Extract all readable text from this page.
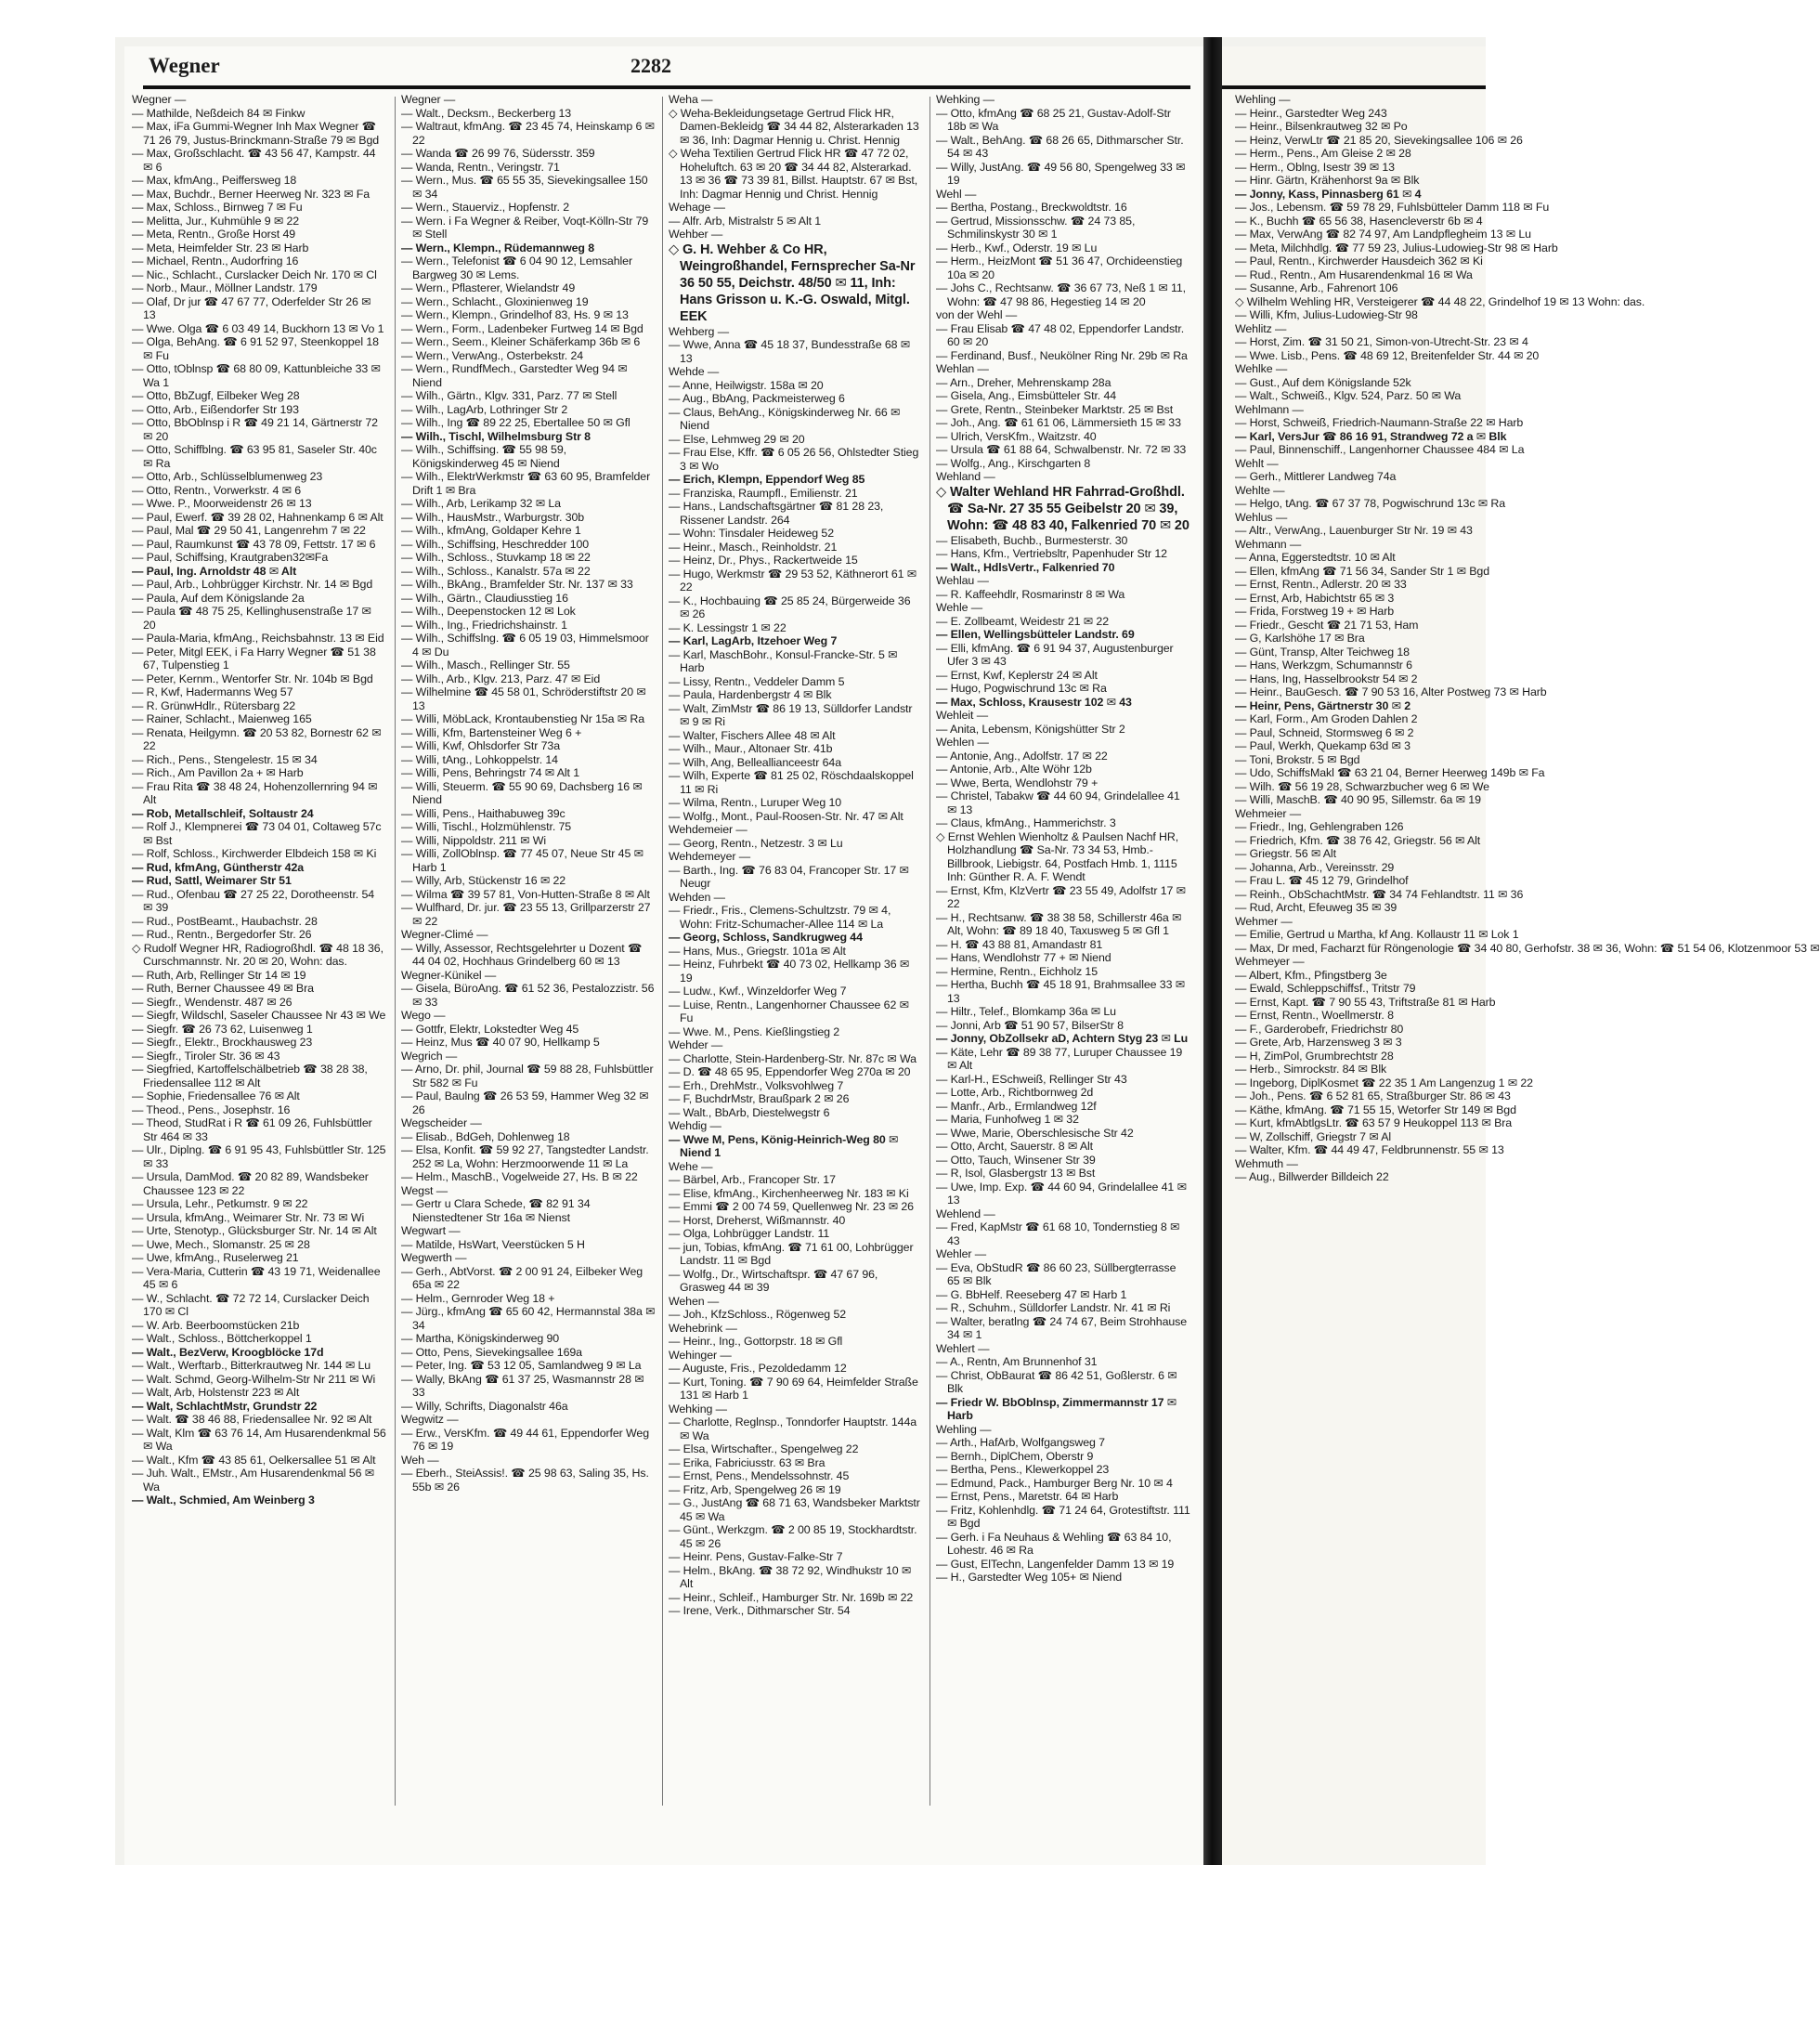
Wegner	2282

Wegner —

— Mathilde, Neßdeich 84 ✉ Finkw

— Max, iFa Gummi-Wegner Inh Max Wegner ☎ 71 26 79, Justus-Brinckmann-Straße 79 ✉ Bgd

— Max, Großschlacht. ☎ 43 56 47, Kampstr. 44 ✉ 6

— Max, kfmAng., Peiffersweg 18

— Max, Buchdr., Berner Heerweg Nr. 323 ✉ Fa

— Max, Schloss., Birnweg 7 ✉ Fu

— Melitta, Jur., Kuhmühle 9 ✉ 22

— Meta, Rentn., Große Horst 49

— Meta, Heimfelder Str. 23 ✉ Harb

— Michael, Rentn., Audorfring 16

— Nic., Schlacht., Curslacker Deich Nr. 170 ✉ Cl

— Norb., Maur., Möllner Landstr. 179

— Olaf, Dr jur ☎ 47 67 77, Oderfelder Str 26 ✉ 13

— Wwe. Olga ☎ 6 03 49 14, Buckhorn 13 ✉ Vo 1

— Olga, BehAng. ☎ 6 91 52 97, Steenkoppel 18 ✉ Fu

— Otto, tOblnsp ☎ 68 80 09, Kattunbleiche 33 ✉ Wa 1

— Otto, BbZugf, Eilbeker Weg 28

— Otto, Arb., Eißendorfer Str 193

— Otto, BbOblnsp i R ☎ 49 21 14, Gärtnerstr 72 ✉ 20

— Otto, Schiffblng. ☎ 63 95 81, Saseler Str. 40c ✉ Ra

— Otto, Arb., Schlüsselblumenweg 23

— Otto, Rentn., Vorwerkstr. 4 ✉ 6

— Wwe. P., Moorweidenstr 26 ✉ 13

— Paul, Ewerf. ☎ 39 28 02, Hahnenkamp 6 ✉ Alt

— Paul, Mal ☎ 29 50 41, Langenrehm 7 ✉ 22

— Paul, Raumkunst ☎ 43 78 09, Fettstr. 17 ✉ 6

— Paul, Schiffsing, Krautgraben32✉Fa

— Paul, Ing. Arnoldstr 48 ✉ Alt

— Paul, Arb., Lohbrügger Kirchstr. Nr. 14 ✉ Bgd

— Paula, Auf dem Königslande 2a

— Paula ☎ 48 75 25, Kellinghusenstraße 17 ✉ 20

— Paula-Maria, kfmAng., Reichsbahnstr. 13 ✉ Eid

— Peter, Mitgl EEK, i Fa Harry Wegner ☎ 51 38 67, Tulpenstieg 1

— Peter, Kernm., Wentorfer Str. Nr. 104b ✉ Bgd

— R, Kwf, Hadermanns Weg 57

— R. GrünwHdlr., Rütersbarg 22

— Rainer, Schlacht., Maienweg 165

— Renata, Heilgymn. ☎ 20 53 82, Bornestr 62 ✉ 22

— Rich., Pens., Stengelestr. 15 ✉ 34

— Rich., Am Pavillon 2a + ✉ Harb

— Frau Rita ☎ 38 48 24, Hohenzollernring 94 ✉ Alt

— Rob, Metallschleif, Soltaustr 24

— Rolf J., Klempnerei ☎ 73 04 01, Coltaweg 57c ✉ Bst

— Rolf, Schloss., Kirchwerder Elbdeich 158 ✉ Ki

— Rud, kfmAng, Güntherstr 42a

— Rud, Sattl, Weimarer Str 51

— Rud., Ofenbau ☎ 27 25 22, Dorotheenstr. 54 ✉ 39

— Rud., PostBeamt., Haubachstr. 28

— Rud., Rentn., Bergedorfer Str. 26

◇ Rudolf Wegner HR, Radiogroßhdl. ☎ 48 18 36, Curschmannstr. Nr. 20 ✉ 20, Wohn: das.

— Ruth, Arb, Rellinger Str 14 ✉ 19

— Ruth, Berner Chaussee 49 ✉ Bra

— Siegfr., Wendenstr. 487 ✉ 26

— Siegfr, Wildschl, Saseler Chaussee Nr 43 ✉ We

— Siegfr. ☎ 26 73 62, Luisenweg 1

— Siegfr., Elektr., Brockhausweg 23

— Siegfr., Tiroler Str. 36 ✉ 43

— Siegfried, Kartoffelschälbetrieb ☎ 38 28 38, Friedensallee 112 ✉ Alt

— Sophie, Friedensallee 76 ✉ Alt

— Theod., Pens., Josephstr. 16

— Theod, StudRat i R ☎ 61 09 26, Fuhlsbüttler Str 464 ✉ 33

— Ulr., Diplng. ☎ 6 91 95 43, Fuhlsbüttler Str. 125 ✉ 33

— Ursula, DamMod. ☎ 20 82 89, Wandsbeker Chaussee 123 ✉ 22

— Ursula, Lehr., Petkumstr. 9 ✉ 22

— Ursula, kfmAng., Weimarer Str. Nr. 73 ✉ Wi

— Urte, Stenotyp., Glücksburger Str. Nr. 14 ✉ Alt

— Uwe, Mech., Slomanstr. 25 ✉ 28

— Uwe, kfmAng., Ruselerweg 21

— Vera-Maria, Cutterin ☎ 43 19 71, Weidenallee 45 ✉ 6

— W., Schlacht. ☎ 72 72 14, Curslacker Deich 170 ✉ Cl

— W. Arb. Beerboomstücken 21b

— Walt., Schloss., Böttcherkoppel 1

— Walt., BezVerw, Kroogblöcke 17d

— Walt., Werftarb., Bitterkrautweg Nr. 144 ✉ Lu

— Walt. Schmd, Georg-Wilhelm-Str Nr 211 ✉ Wi

— Walt, Arb, Holstenstr 223 ✉ Alt

— Walt, SchlachtMstr, Grundstr 22

— Walt. ☎ 38 46 88, Friedensallee Nr. 92 ✉ Alt

— Walt, Klm ☎ 63 76 14, Am Husarendenkmal 56 ✉ Wa

— Walt., Kfm ☎ 43 85 61, Oelkersallee 51 ✉ Alt

— Juh. Walt., EMstr., Am Husarendenkmal 56 ✉ Wa

— Walt., Schmied, Am Weinberg 3

Wegner —

— Walt., Decksm., Beckerberg 13

— Waltraut, kfmAng. ☎ 23 45 74, Heinskamp 6 ✉ 22

— Wanda ☎ 26 99 76, Südersstr. 359

— Wanda, Rentn., Veringstr. 71

— Wern., Mus. ☎ 65 55 35, Sievekingsallee 150 ✉ 34

— Wern., Stauerviz., Hopfenstr. 2

— Wern. i Fa Wegner & Reiber, Voqt-Kölln-Str 79 ✉ Stell

— Wern., Klempn., Rüdemannweg 8

— Wern., Telefonist ☎ 6 04 90 12, Lemsahler Bargweg 30 ✉ Lems.

— Wern., Pflasterer, Wielandstr 49

— Wern., Schlacht., Gloxinienweg 19

— Wern., Klempn., Grindelhof 83, Hs. 9 ✉ 13

— Wern., Form., Ladenbeker Furtweg 14 ✉ Bgd

— Wern., Seem., Kleiner Schäferkamp 36b ✉ 6

— Wern., VerwAng., Osterbekstr. 24

— Wern., RundfMech., Garstedter Weg 94 ✉ Niend

— Wilh., Gärtn., Klgv. 331, Parz. 77 ✉ Stell

— Wilh., LagArb, Lothringer Str 2

— Wilh., Ing ☎ 89 22 25, Ebertallee 50 ✉ Gfl

— Wilh., Tischl, Wilhelmsburg Str 8

— Wilh., Schiffsing. ☎ 55 98 59, Königskinderweg 45 ✉ Niend

— Wilh., ElektrWerkmstr ☎ 63 60 95, Bramfelder Drift 1 ✉ Bra

— Wilh., Arb, Lerikamp 32 ✉ La

— Wilh., HausMstr., Warburgstr. 30b

— Wilh., kfmAng, Goldaper Kehre 1

— Wilh., Schiffsing, Heschredder 100

— Wilh., Schloss., Stuvkamp 18 ✉ 22

— Wilh., Schloss., Kanalstr. 57a ✉ 22

— Wilh., BkAng., Bramfelder Str. Nr. 137 ✉ 33

— Wilh., Gärtn., Claudiusstieg 16

— Wilh., Deepenstocken 12 ✉ Lok

— Wilh., Ing., Friedrichshainstr. 1

— Wilh., Schiffslng. ☎ 6 05 19 03, Himmelsmoor 4 ✉ Du

— Wilh., Masch., Rellinger Str. 55

— Wilh., Arb., Klgv. 213, Parz. 47 ✉ Eid

— Wilhelmine ☎ 45 58 01, Schröderstiftstr 20 ✉ 13

— Willi, MöbLack, Krontaubenstieg Nr 15a ✉ Ra

— Willi, Kfm, Bartensteiner Weg 6 +

— Willi, Kwf, Ohlsdorfer Str 73a

— Willi, tAng., Lohkoppelstr. 14

— Willi, Pens, Behringstr 74 ✉ Alt 1

— Willi, Steuerm. ☎ 55 90 69, Dachsberg 16 ✉ Niend

— Willi, Pens., Haithabuweg 39c

— Willi, Tischl., Holzmühlenstr. 75

— Willi, Nippoldstr. 211 ✉ Wi

— Willi, ZollOblnsp. ☎ 77 45 07, Neue Str 45 ✉ Harb 1

— Willy, Arb, Stückenstr 16 ✉ 22

— Wilma ☎ 39 57 81, Von-Hutten-Straße 8 ✉ Alt

— Wulfhard, Dr. jur. ☎ 23 55 13, Grillparzerstr 27 ✉ 22

Wegner-Climé —

— Willy, Assessor, Rechtsgelehrter u Dozent ☎ 44 04 02, Hochhaus Grindelberg 60 ✉ 13

Wegner-Künikel —

— Gisela, BüroAng. ☎ 61 52 36, Pestalozzistr. 56 ✉ 33

Wego —

— Gottfr, Elektr, Lokstedter Weg 45

— Heinz, Mus ☎ 40 07 90, Hellkamp 5

Wegrich —

— Arno, Dr. phil, Journal ☎ 59 88 28, Fuhlsbüttler Str 582 ✉ Fu

— Paul, Baulng ☎ 26 53 59, Hammer Weg 32 ✉ 26

Wegscheider —

— Elisab., BdGeh, Dohlenweg 18

— Elsa, Konfit. ☎ 59 92 27, Tangstedter Landstr. 252 ✉ La, Wohn: Herzmoorwende 11 ✉ La

— Helm., MaschB., Vogelweide 27, Hs. B ✉ 22

Wegst —

— Gertr u Clara Schede, ☎ 82 91 34 Nienstedtener Str 16a ✉ Nienst

Wegwart —

— Matilde, HsWart, Veerstücken 5 H

Wegwerth —

— Gerh., AbtVorst. ☎ 2 00 91 24, Eilbeker Weg 65a ✉ 22

— Helm., Gernroder Weg 18 +

— Jürg., kfmAng ☎ 65 60 42, Hermannstal 38a ✉ 34

— Martha, Königskinderweg 90

— Otto, Pens, Sievekingsallee 169a

— Peter, Ing. ☎ 53 12 05, Samlandweg 9 ✉ La

— Wally, BkAng ☎ 61 37 25, Wasmannstr 28 ✉ 33

— Willy, Schrifts, Diagonalstr 46a

Wegwitz —

— Erw., VersKfm. ☎ 49 44 61, Eppendorfer Weg 76 ✉ 19

Weh —

— Eberh., SteiAssis!. ☎ 25 98 63, Saling 35, Hs. 55b ✉ 26

Weha —

◇ Weha-Bekleidungsetage Gertrud Flick HR, Damen-Bekleidg ☎ 34 44 82, Alsterarkaden 13 ✉ 36, Inh: Dagmar Hennig u. Christ. Hennig

◇ Weha Textilien Gertrud Flick HR ☎ 47 72 02, Hoheluftch. 63 ✉ 20 ☎ 34 44 82, Alsterarkad. 13 ✉ 36 ☎ 73 39 81, Billst. Hauptstr. 67 ✉ Bst, Inh: Dagmar Hennig und Christ. Hennig

Wehage —

— Alfr. Arb, Mistralstr 5 ✉ Alt 1

Wehber —

◇ G. H. Wehber & Co HR, Weingroßhandel, Fernsprecher Sa-Nr 36 50 55, Deichstr. 48/50 ✉ 11, Inh: Hans Grisson u. K.-G. Oswald, Mitgl. EEK

Wehberg —

— Wwe, Anna ☎ 45 18 37, Bundesstraße 68 ✉ 13

Wehde —

— Anne, Heilwigstr. 158a ✉ 20

— Aug., BbAng, Packmeisterweg 6

— Claus, BehAng., Königskinderweg Nr. 66 ✉ Niend

— Else, Lehmweg 29 ✉ 20

— Frau Else, Kffr. ☎ 6 05 26 56, Ohlstedter Stieg 3 ✉ Wo

— Erich, Klempn, Eppendorf Weg 85

— Franziska, Raumpfl., Emilienstr. 21

— Hans., Landschaftsgärtner ☎ 81 28 23, Rissener Landstr. 264

— Wohn: Tinsdaler Heideweg 52

— Heinr., Masch., Reinholdstr. 21

— Heinz, Dr., Phys., Rackertweide 15

— Hugo, Werkmstr ☎ 29 53 52, Käthnerort 61 ✉ 22

— K., Hochbauing ☎ 25 85 24, Bürgerweide 36 ✉ 26

— K. Lessingstr 1 ✉ 22

— Karl, LagArb, Itzehoer Weg 7

— Karl, MaschBohr., Konsul-Francke-Str. 5 ✉ Harb

— Lissy, Rentn., Veddeler Damm 5

— Paula, Hardenbergstr 4 ✉ Blk

— Walt, ZimMstr ☎ 86 19 13, Sülldorfer Landstr ✉ 9 ✉ Ri

— Walter, Fischers Allee 48 ✉ Alt

— Wilh., Maur., Altonaer Str. 41b

— Wilh, Ang, Belleallianceestr 64a

— Wilh, Experte ☎ 81 25 02, Röschdaalskoppel 11 ✉ Ri

— Wilma, Rentn., Luruper Weg 10

— Wolfg., Mont., Paul-Roosen-Str. Nr. 47 ✉ Alt

Wehdemeier —

— Georg, Rentn., Netzestr. 3 ✉ Lu

Wehdemeyer —

— Barth., Ing. ☎ 76 83 04, Francoper Str. 17 ✉ Neugr

Wehden —

— Friedr., Fris., Clemens-Schultzstr. 79 ✉ 4, Wohn: Fritz-Schumacher-Allee 114 ✉ La

— Georg, Schloss, Sandkrugweg 44

— Hans, Mus., Griegstr. 101a ✉ Alt

— Heinz, Fuhrbekt ☎ 40 73 02, Hellkamp 36 ✉ 19

— Ludw., Kwf., Winzeldorfer Weg 7

— Luise, Rentn., Langenhorner Chaussee 62 ✉ Fu

— Wwe. M., Pens. Kießlingstieg 2

Wehder —

— Charlotte, Stein-Hardenberg-Str. Nr. 87c ✉ Wa

— D. ☎ 48 65 95, Eppendorfer Weg 270a ✉ 20

— Erh., DrehMstr., Volksvohlweg 7

— F, BuchdrMstr, Braußpark 2 ✉ 26

— Walt., BbArb, Diestelwegstr 6

Wehdig —

— Wwe M, Pens, König-Heinrich-Weg 80 ✉ Niend 1

Wehe —

— Bärbel, Arb., Francoper Str. 17

— Elise, kfmAng., Kirchenheerweg Nr. 183 ✉ Ki

— Emmi ☎ 2 00 74 59, Quellenweg Nr. 23 ✉ 26

— Horst, Dreherst, Wißmannstr. 40

— Olga, Lohbrügger Landstr. 11

— jun, Tobias, kfmAng. ☎ 71 61 00, Lohbrügger Landstr. 11 ✉ Bgd

— Wolfg., Dr., Wirtschaftspr. ☎ 47 67 96, Grasweg 44 ✉ 39

Wehen —

— Joh., KfzSchloss., Rögenweg 52

Wehebrink —

— Heinr., Ing., Gottorpstr. 18 ✉ Gfl

Wehinger —

— Auguste, Fris., Pezoldedamm 12

— Kurt, Toning. ☎ 7 90 69 64, Heimfelder Straße 131 ✉ Harb 1

Wehking —

— Charlotte, Reglnsp., Tonndorfer Hauptstr. 144a ✉ Wa

— Elsa, Wirtschafter., Spengelweg 22

— Erika, Fabriciusstr. 63 ✉ Bra

— Ernst, Pens., Mendelssohnstr. 45

— Fritz, Arb, Spengelweg 26 ✉ 19

— G., JustAng ☎ 68 71 63, Wandsbeker Marktstr 45 ✉ Wa

— Günt., Werkzgm. ☎ 2 00 85 19, Stockhardtstr. 45 ✉ 26

— Heinr. Pens, Gustav-Falke-Str 7

— Helm., BkAng. ☎ 38 72 92, Windhukstr 10 ✉ Alt

— Heinr., Schleif., Hamburger Str. Nr. 169b ✉ 22

— Irene, Verk., Dithmarscher Str. 54

Wehking —

— Otto, kfmAng ☎ 68 25 21, Gustav-Adolf-Str 18b ✉ Wa

— Walt., BehAng. ☎ 68 26 65, Dithmarscher Str. 54 ✉ 43

— Willy, JustAng. ☎ 49 56 80, Spengelweg 33 ✉ 19

Wehl —

— Bertha, Postang., Breckwoldtstr. 16

— Gertrud, Missionsschw. ☎ 24 73 85, Schmilinskystr 30 ✉ 1

— Herb., Kwf., Oderstr. 19 ✉ Lu

— Herm., HeizMont ☎ 51 36 47, Orchideenstieg 10a ✉ 20

— Johs C., Rechtsanw. ☎ 36 67 73, Neß 1 ✉ 11, Wohn: ☎ 47 98 86, Hegestieg 14 ✉ 20

von der Wehl —

— Frau Elisab ☎ 47 48 02, Eppendorfer Landstr. 60 ✉ 20

— Ferdinand, Busf., Neukölner Ring Nr. 29b ✉ Ra

Wehlan —

— Arn., Dreher, Mehrenskamp 28a

— Gisela, Ang., Eimsbütteler Str. 44

— Grete, Rentn., Steinbeker Marktstr. 25 ✉ Bst

— Joh., Ang. ☎ 61 61 06, Lämmersieth 15 ✉ 33

— Ulrich, VersKfm., Waitzstr. 40

— Ursula ☎ 61 88 64, Schwalbenstr. Nr. 72 ✉ 33

— Wolfg., Ang., Kirschgarten 8

Wehland —

◇ Walter Wehland HR Fahrrad-Großhdl. ☎ Sa-Nr. 27 35 55 Geibelstr 20 ✉ 39, Wohn: ☎ 48 83 40, Falkenried 70 ✉ 20

— Elisabeth, Buchb., Burmesterstr. 30

— Hans, Kfm., Vertriebsltr, Papenhuder Str 12

— Walt., HdlsVertr., Falkenried 70

Wehlau —

— R. Kaffeehdlr, Rosmarinstr 8 ✉ Wa

Wehle —

— E. Zollbeamt, Weidestr 21 ✉ 22

— Ellen, Wellingsbütteler Landstr. 69

— Elli, kfmAng. ☎ 6 91 94 37, Augustenburger Ufer 3 ✉ 43

— Ernst, Kwf, Keplerstr 24 ✉ Alt

— Hugo, Pogwischrund 13c ✉ Ra

— Max, Schloss, Krausestr 102 ✉ 43

Wehleit —

— Anita, Lebensm, Königshütter Str 2

Wehlen —

— Antonie, Ang., Adolfstr. 17 ✉ 22

— Antonie, Arb., Alte Wöhr 12b

— Wwe, Berta, Wendlohstr 79 +

— Christel, Tabakw ☎ 44 60 94, Grindelallee 41 ✉ 13

— Claus, kfmAng., Hammerichstr. 3

◇ Ernst Wehlen Wienholtz & Paulsen Nachf HR, Holzhandlung ☎ Sa-Nr. 73 34 53, Hmb.-Billbrook, Liebigstr. 64, Postfach Hmb. 1, 1115 Inh: Günther R. A. F. Wendt

— Ernst, Kfm, KlzVertr ☎ 23 55 49, Adolfstr 17 ✉ 22

— H., Rechtsanw. ☎ 38 38 58, Schillerstr 46a ✉ Alt, Wohn: ☎ 89 18 40, Taxusweg 5 ✉ Gfl 1

— H. ☎ 43 88 81, Amandastr 81

— Hans, Wendlohstr 77 + ✉ Niend

— Hermine, Rentn., Eichholz 15

— Hertha, Buchh ☎ 45 18 91, Brahmsallee 33 ✉ 13

— Hiltr., Telef., Blomkamp 36a ✉ Lu

— Jonni, Arb ☎ 51 90 57, BilserStr 8

— Jonny, ObZollsekr aD, Achtern Styg 23 ✉ Lu

— Käte, Lehr ☎ 89 38 77, Luruper Chaussee 19 ✉ Alt

— Karl-H., ESchweiß, Rellinger Str 43

— Lotte, Arb., Richtbornweg 2d

— Manfr., Arb., Ermlandweg 12f

— Maria, Funhofweg 1 ✉ 32

— Wwe, Marie, Oberschlesische Str 42

— Otto, Archt, Sauerstr. 8 ✉ Alt

— Otto, Tauch, Winsener Str 39

— R, Isol, Glasbergstr 13 ✉ Bst

— Uwe, Imp. Exp. ☎ 44 60 94, Grindelallee 41 ✉ 13

Wehlend —

— Fred, KapMstr ☎ 61 68 10, Tondernstieg 8 ✉ 43

Wehler —

— Eva, ObStudR ☎ 86 60 23, Süllbergterrasse 65 ✉ Blk

— G. BbHelf. Reeseberg 47 ✉ Harb 1

— R., Schuhm., Sülldorfer Landstr. Nr. 41 ✉ Ri

— Walter, beratlng ☎ 24 74 67, Beim Strohhause 34 ✉ 1

Wehlert —

— A., Rentn, Am Brunnenhof 31

— Christ, ObBaurat ☎ 86 42 51, Goßlerstr. 6 ✉ Blk

— Friedr W. BbOblnsp, Zimmermannstr 17 ✉ Harb

Wehling —

— Arth., HafArb, Wolfgangsweg 7

— Bernh., DiplChem, Oberstr 9

— Bertha, Pens., Klewerkoppel 23

— Edmund, Pack., Hamburger Berg Nr. 10 ✉ 4

— Ernst, Pens., Maretstr. 64 ✉ Harb

— Fritz, Kohlenhdlg. ☎ 71 24 64, Grotestiftstr. 111 ✉ Bgd

— Gerh. i Fa Neuhaus & Wehling ☎ 63 84 10, Lohestr. 46 ✉ Ra

— Gust, ElTechn, Langenfelder Damm 13 ✉ 19

— H., Garstedter Weg 105+ ✉ Niend

Wehling —

— Heinr., Garstedter Weg 243

— Heinr., Bilsenkrautweg 32 ✉ Po

— Heinz, VerwLtr ☎ 21 85 20, Sievekingsallee 106 ✉ 26

— Herm., Pens., Am Gleise 2 ✉ 28

— Herm., Oblng, Isestr 39 ✉ 13

— Hinr. Gärtn, Krähenhorst 9a ✉ Blk

— Jonny, Kass, Pinnasberg 61 ✉ 4

— Jos., Lebensm. ☎ 59 78 29, Fuhlsbütteler Damm 118 ✉ Fu

— K., Buchh ☎ 65 56 38, Hasencleverstr 6b ✉ 4

— Max, VerwAng ☎ 82 74 97, Am Landpflegheim 13 ✉ Lu

— Meta, Milchhdlg. ☎ 77 59 23, Julius-Ludowieg-Str 98 ✉ Harb

— Paul, Rentn., Kirchwerder Hausdeich 362 ✉ Ki

— Rud., Rentn., Am Husarendenkmal 16 ✉ Wa

— Susanne, Arb., Fahrenort 106

◇ Wilhelm Wehling HR, Versteigerer ☎ 44 48 22, Grindelhof 19 ✉ 13 Wohn: das.

— Willi, Kfm, Julius-Ludowieg-Str 98

Wehlitz —

— Horst, Zim. ☎ 31 50 21, Simon-von-Utrecht-Str. 23 ✉ 4

— Wwe. Lisb., Pens. ☎ 48 69 12, Breitenfelder Str. 44 ✉ 20

Wehlke —

— Gust., Auf dem Königslande 52k

— Walt., Schweiß., Klgv. 524, Parz. 50 ✉ Wa

Wehlmann —

— Horst, Schweiß, Friedrich-Naumann-Straße 22 ✉ Harb

— Karl, VersJur ☎ 86 16 91, Strandweg 72 a ✉ Blk

— Paul, Binnenschiff., Langenhorner Chaussee 484 ✉ La

Wehlt —

— Gerh., Mittlerer Landweg 74a

Wehlte —

— Helgo, tAng. ☎ 67 37 78, Pogwischrund 13c ✉ Ra

Wehlus —

— Altr., VerwAng., Lauenburger Str Nr. 19 ✉ 43

Wehmann —

— Anna, Eggerstedtstr. 10 ✉ Alt

— Ellen, kfmAng ☎ 71 56 34, Sander Str 1 ✉ Bgd

— Ernst, Rentn., Adlerstr. 20 ✉ 33

— Ernst, Arb, Habichtstr 65 ✉ 3

— Frida, Forstweg 19 + ✉ Harb

— Friedr., Gescht ☎ 21 71 53, Ham

— G, Karlshöhe 17 ✉ Bra

— Günt, Transp, Alter Teichweg 18

— Hans, Werkzgm, Schumannstr 6

— Hans, Ing, Hasselbrookstr 54 ✉ 2

— Heinr., BauGesch. ☎ 7 90 53 16, Alter Postweg 73 ✉ Harb

— Heinr, Pens, Gärtnerstr 30 ✉ 2

— Karl, Form., Am Groden Dahlen 2

— Paul, Schneid, Stormsweg 6 ✉ 2

— Paul, Werkh, Quekamp 63d ✉ 3

— Toni, Brokstr. 5 ✉ Bgd

— Udo, SchiffsMakl ☎ 63 21 04, Berner Heerweg 149b ✉ Fa

— Wilh. ☎ 56 19 28, Schwarzbucher weg 6 ✉ We

— Willi, MaschB. ☎ 40 90 95, Sillemstr. 6a ✉ 19

Wehmeier —

— Friedr., Ing, Gehlengraben 126

— Friedrich, Kfm. ☎ 38 76 42, Griegstr. 56 ✉ Alt

— Griegstr. 56 ✉ Alt

— Johanna, Arb., Vereinsstr. 29

— Frau L. ☎ 45 12 79, Grindelhof

— Reinh., ObSchachtMstr. ☎ 34 74 Fehlandtstr. 11 ✉ 36

— Rud, Archt, Efeuweg 35 ✉ 39

Wehmer —

— Emilie, Gertrud u Martha, kf Ang. Kollaustr 11 ✉ Lok 1

— Max, Dr med, Facharzt für Röngenologie ☎ 34 40 80, Gerhofstr. 38 ✉ 36, Wohn: ☎ 51 54 06, Klotzenmoor 53 ✉

Wehmeyer —

— Albert, Kfm., Pfingstberg 3e

— Ewald, Schleppschiffsf., Tritstr 79

— Ernst, Kapt. ☎ 7 90 55 43, Triftstraße 81 ✉ Harb

— Ernst, Rentn., Woellmerstr. 8

— F., Garderobefr, Friedrichstr 80

— Grete, Arb, Harzensweg 3 ✉ 3

— H, ZimPol, Grumbrechtstr 28

— Herb., Simrockstr. 84 ✉ Blk

— Ingeborg, DiplKosmet ☎ 22 35 1 Am Langenzug 1 ✉ 22

— Joh., Pens. ☎ 6 52 81 65, Straßburger Str. 86 ✉ 43

— Käthe, kfmAng. ☎ 71 55 15, Wetorfer Str 149 ✉ Bgd

— Kurt, kfmAbtlgsLtr. ☎ 63 57 9 Heukoppel 113 ✉ Bra

— W, Zollschiff, Griegstr 7 ✉ Al

— Walter, Kfm. ☎ 44 49 47, Feldbrunnenstr. 55 ✉ 13

Wehmuth —

— Aug., Billwerder Billdeich 22
